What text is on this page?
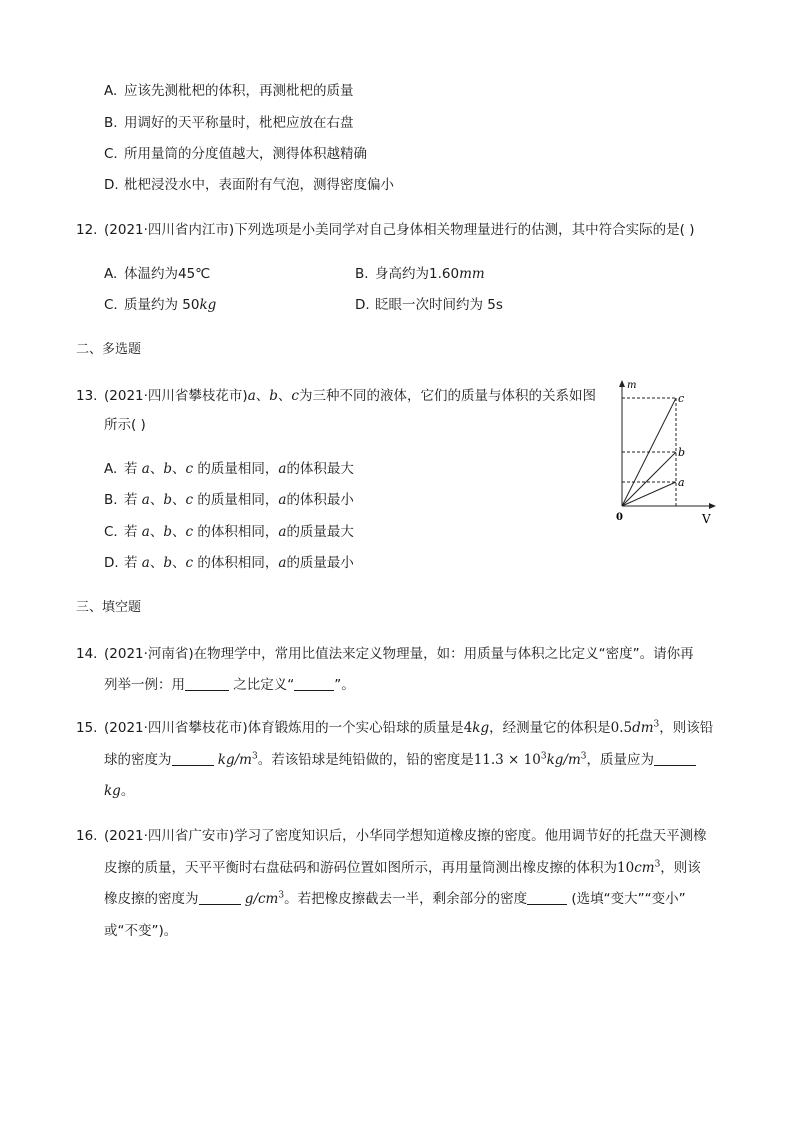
A. 应该先测枇杷的体积，再测枇杷的质量
B. 用调好的天平称量时，枇杷应放在右盘
C. 所用量筒的分度值越大，测得体积越精确
D. 枇杷浸没水中，表面附有气泡，测得密度偏小
12. (2021·四川省内江市)下列选项是小美同学对自己身体相关物理量进行的估测，其中符合实际的是( )
A. 体温约为45℃	B. 身高约为1.60mm
C. 质量约为 50kg	D. 眨眼一次时间约为 5s
二、多选题
13. (2021·四川省攀枝花市)a、b、c为三种不同的液体，它们的质量与体积的关系如图
所示( )
A. 若 a、b、c 的质量相同，a的体积最大
B. 若 a、b、c 的质量相同，a的体积最小
C. 若 a、b、c 的体积相同，a的质量最大
D. 若 a、b、c 的体积相同，a的质量最小
m
V
0
c
b
a
三、填空题
14. (2021·河南省)在物理学中，常用比值法来定义物理量，如：用质量与体积之比定义“密度”。请你再
列举一例：用	之比定义“	”。
15. (2021·四川省攀枝花市)体育锻炼用的一个实心铅球的质量是4kg，经测量它的体积是$0.5dm^3$，则该铅
球的密度为	$kg/m^3$。若该铅球是纯铅做的，铅的密度是$11.3 \times 10^3kg/m^3$，质量应为
kg。
16. (2021·四川省广安市)学习了密度知识后，小华同学想知道橡皮擦的密度。他用调节好的托盘天平测橡
皮擦的质量，天平平衡时右盘砝码和游码位置如图所示，再用量筒测出橡皮擦的体积为$10cm^3$，则该
橡皮擦的密度为	$g/cm^3$。若把橡皮擦截去一半，剩余部分的密度	(选填“变大”“变小”
或“不变”)。
